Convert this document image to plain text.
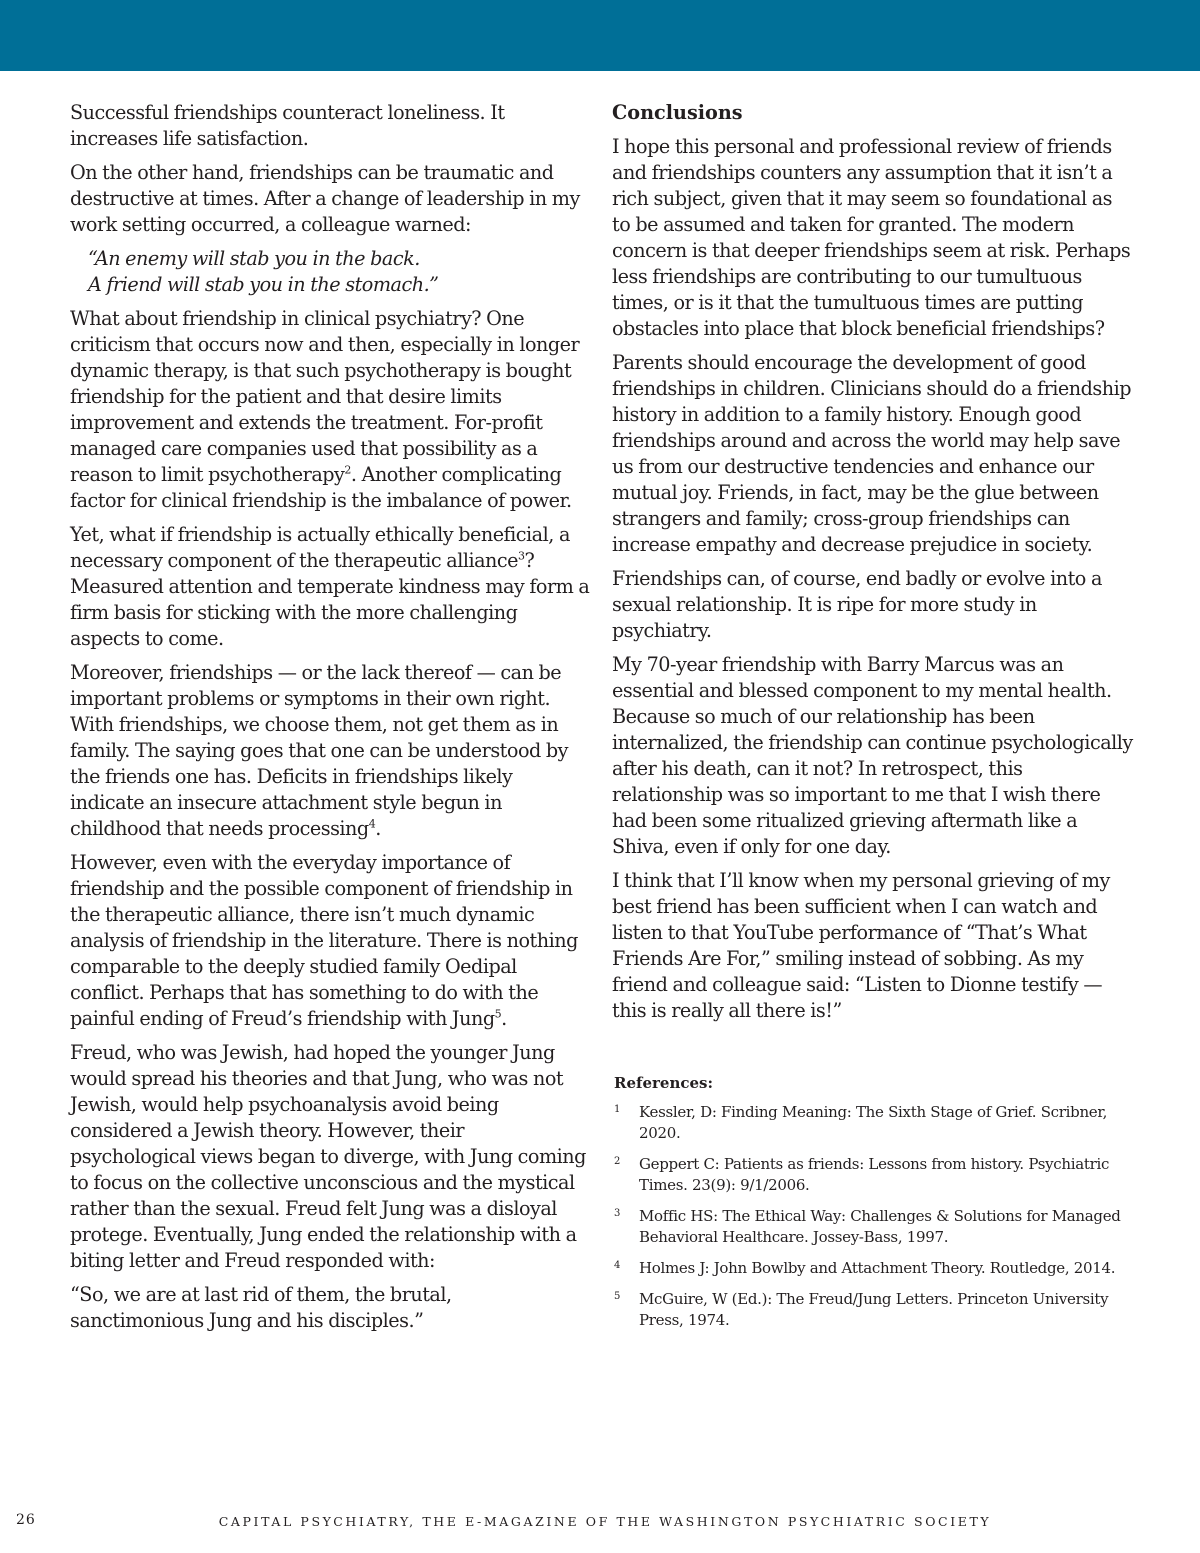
Successful friendships counteract loneliness. It increases life satisfaction.

On the other hand, friendships can be traumatic and destructive at times. After a change of leadership in my work setting occurred, a colleague warned:

“An enemy will stab you in the back.
A friend will stab you in the stomach.”

What about friendship in clinical psychiatry? One criticism that occurs now and then, especially in longer dynamic therapy, is that such psychotherapy is bought friendship for the patient and that desire limits improvement and extends the treatment. For-profit managed care companies used that possibility as a reason to limit psychotherapy$^2$. Another complicating factor for clinical friendship is the imbalance of power.

Yet, what if friendship is actually ethically beneficial, a necessary component of the therapeutic alliance$^3$? Measured attention and temperate kindness may form a firm basis for sticking with the more challenging aspects to come.

Moreover, friendships — or the lack thereof — can be important problems or symptoms in their own right. With friendships, we choose them, not get them as in family. The saying goes that one can be understood by the friends one has. Deficits in friendships likely indicate an insecure attachment style begun in childhood that needs processing$^4$.

However, even with the everyday importance of friendship and the possible component of friendship in the therapeutic alliance, there isn’t much dynamic analysis of friendship in the literature. There is nothing comparable to the deeply studied family Oedipal conflict. Perhaps that has something to do with the painful ending of Freud’s friendship with Jung$^5$.

Freud, who was Jewish, had hoped the younger Jung would spread his theories and that Jung, who was not Jewish, would help psychoanalysis avoid being considered a Jewish theory. However, their psychological views began to diverge, with Jung coming to focus on the collective unconscious and the mystical rather than the sexual. Freud felt Jung was a disloyal protege. Eventually, Jung ended the relationship with a biting letter and Freud responded with:

“So, we are at last rid of them, the brutal, sanctimonious Jung and his disciples.”

Conclusions

I hope this personal and professional review of friends and friendships counters any assumption that it isn’t a rich subject, given that it may seem so foundational as to be assumed and taken for granted. The modern concern is that deeper friendships seem at risk. Perhaps less friendships are contributing to our tumultuous times, or is it that the tumultuous times are putting obstacles into place that block beneficial friendships?

Parents should encourage the development of good friendships in children. Clinicians should do a friendship history in addition to a family history. Enough good friendships around and across the world may help save us from our destructive tendencies and enhance our mutual joy. Friends, in fact, may be the glue between strangers and family; cross-group friendships can increase empathy and decrease prejudice in society.

Friendships can, of course, end badly or evolve into a sexual relationship. It is ripe for more study in psychiatry.

My 70-year friendship with Barry Marcus was an essential and blessed component to my mental health. Because so much of our relationship has been internalized, the friendship can continue psychologically after his death, can it not? In retrospect, this relationship was so important to me that I wish there had been some ritualized grieving aftermath like a Shiva, even if only for one day.

I think that I’ll know when my personal grieving of my best friend has been sufficient when I can watch and listen to that YouTube performance of “That’s What Friends Are For,” smiling instead of sobbing. As my friend and colleague said: “Listen to Dionne testify — this is really all there is!”

References:
1	Kessler, D: Finding Meaning: The Sixth Stage of Grief. Scribner, 2020.
2	Geppert C: Patients as friends: Lessons from history. Psychiatric Times. 23(9): 9/1/2006.
3	Moffic HS: The Ethical Way: Challenges & Solutions for Managed Behavioral Healthcare. Jossey-Bass, 1997.
4	Holmes J: John Bowlby and Attachment Theory. Routledge, 2014.
5	McGuire, W (Ed.): The Freud/Jung Letters. Princeton University Press, 1974.
26	CAPITAL PSYCHIATRY, THE E-MAGAZINE OF THE WASHINGTON PSYCHIATRIC SOCIETY
